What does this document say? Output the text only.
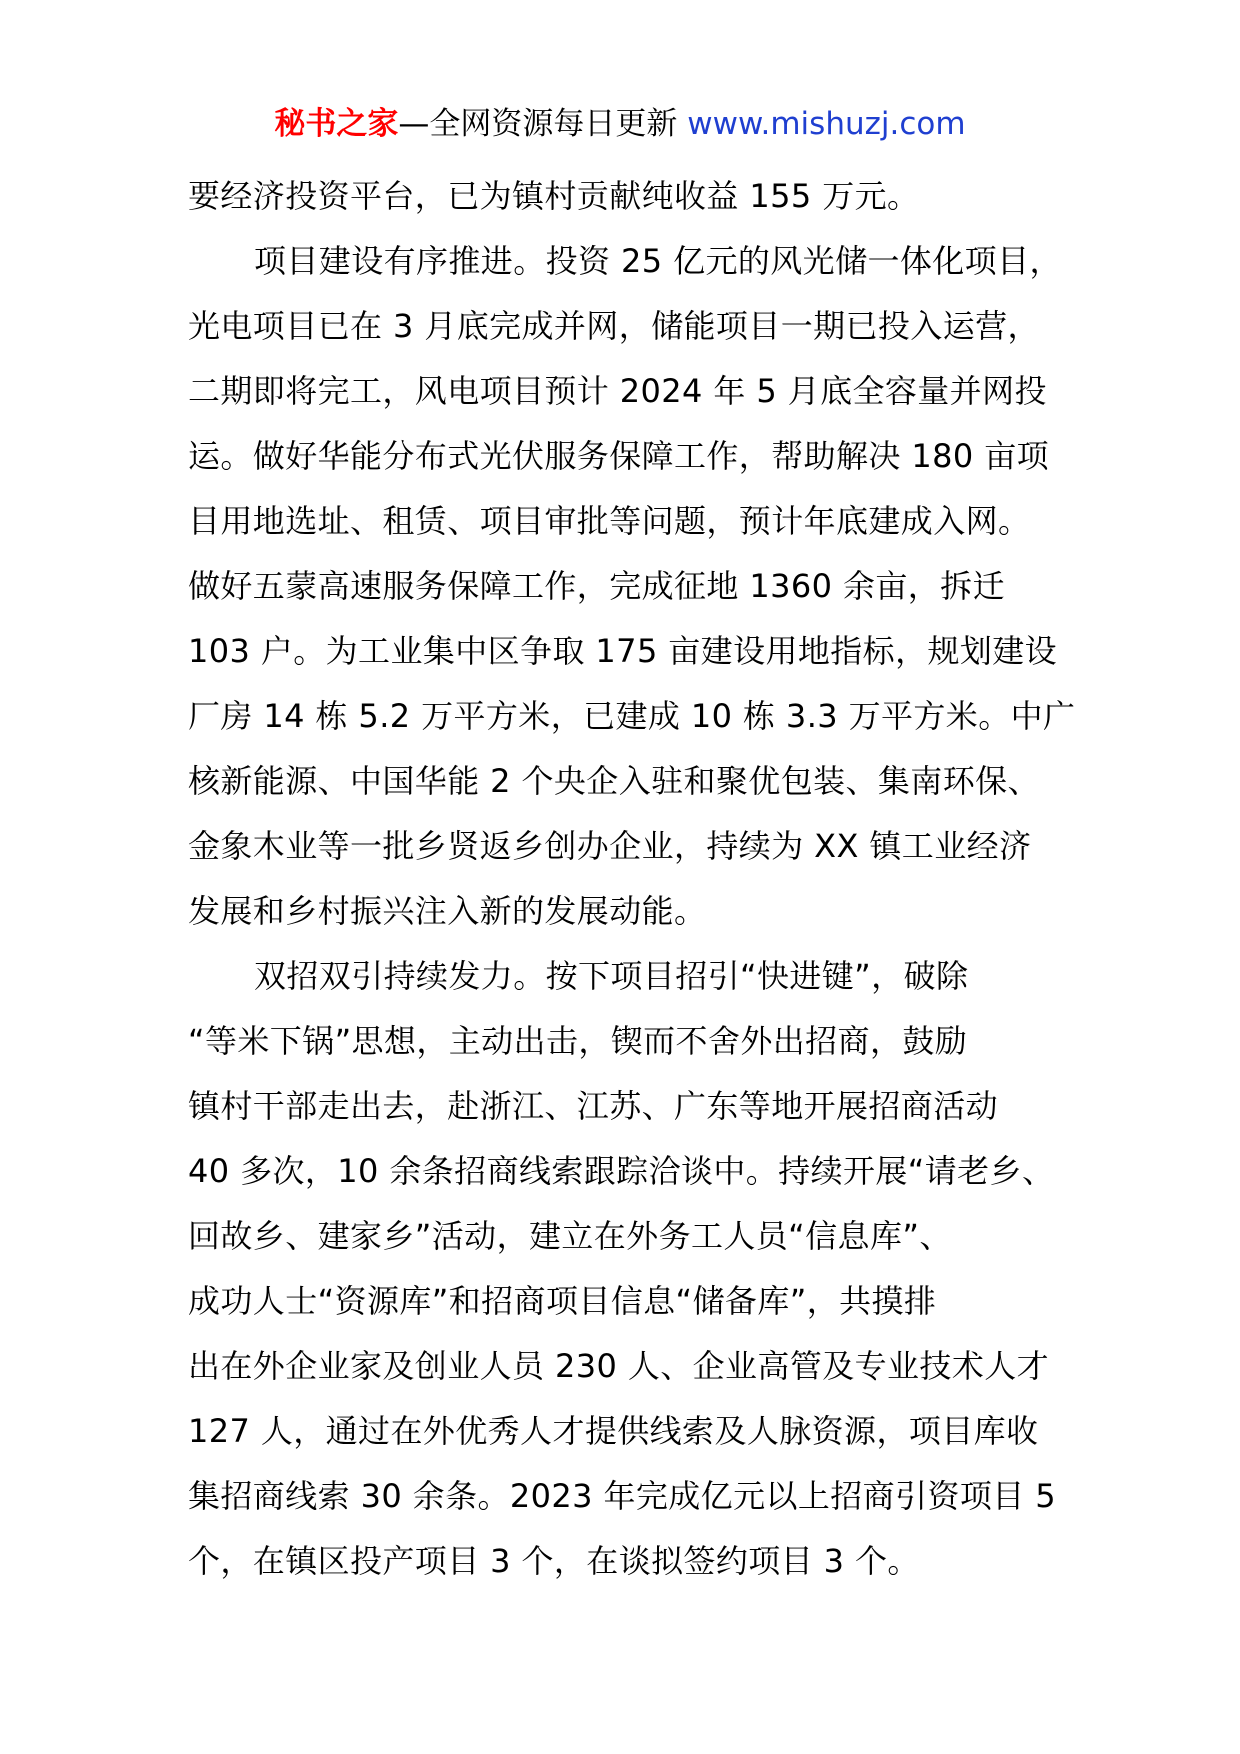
秘书之家—全网资源每日更新 www.mishuzj.com
要经济投资平台，已为镇村贡献纯收益 155 万元。
项目建设有序推进。投资 25 亿元的风光储一体化项目，
光电项目已在 3 月底完成并网，储能项目一期已投入运营，
二期即将完工，风电项目预计 2024 年 5 月底全容量并网投
运。做好华能分布式光伏服务保障工作，帮助解决 180 亩项
目用地选址、租赁、项目审批等问题，预计年底建成入网。
做好五蒙高速服务保障工作，完成征地 1360 余亩，拆迁
103 户。为工业集中区争取 175 亩建设用地指标，规划建设
厂房 14 栋 5.2 万平方米，已建成 10 栋 3.3 万平方米。中广
核新能源、中国华能 2 个央企入驻和聚优包装、集南环保、
金象木业等一批乡贤返乡创办企业，持续为 XX 镇工业经济
发展和乡村振兴注入新的发展动能。
双招双引持续发力。按下项目招引“快进键”，破除
“等米下锅”思想，主动出击，锲而不舍外出招商，鼓励
镇村干部走出去，赴浙江、江苏、广东等地开展招商活动
40 多次，10 余条招商线索跟踪洽谈中。持续开展“请老乡、
回故乡、建家乡”活动，建立在外务工人员“信息库”、
成功人士“资源库”和招商项目信息“储备库”，共摸排
出在外企业家及创业人员 230 人、企业高管及专业技术人才
127 人，通过在外优秀人才提供线索及人脉资源，项目库收
集招商线索 30 余条。2023 年完成亿元以上招商引资项目 5
个，在镇区投产项目 3 个，在谈拟签约项目 3 个。
